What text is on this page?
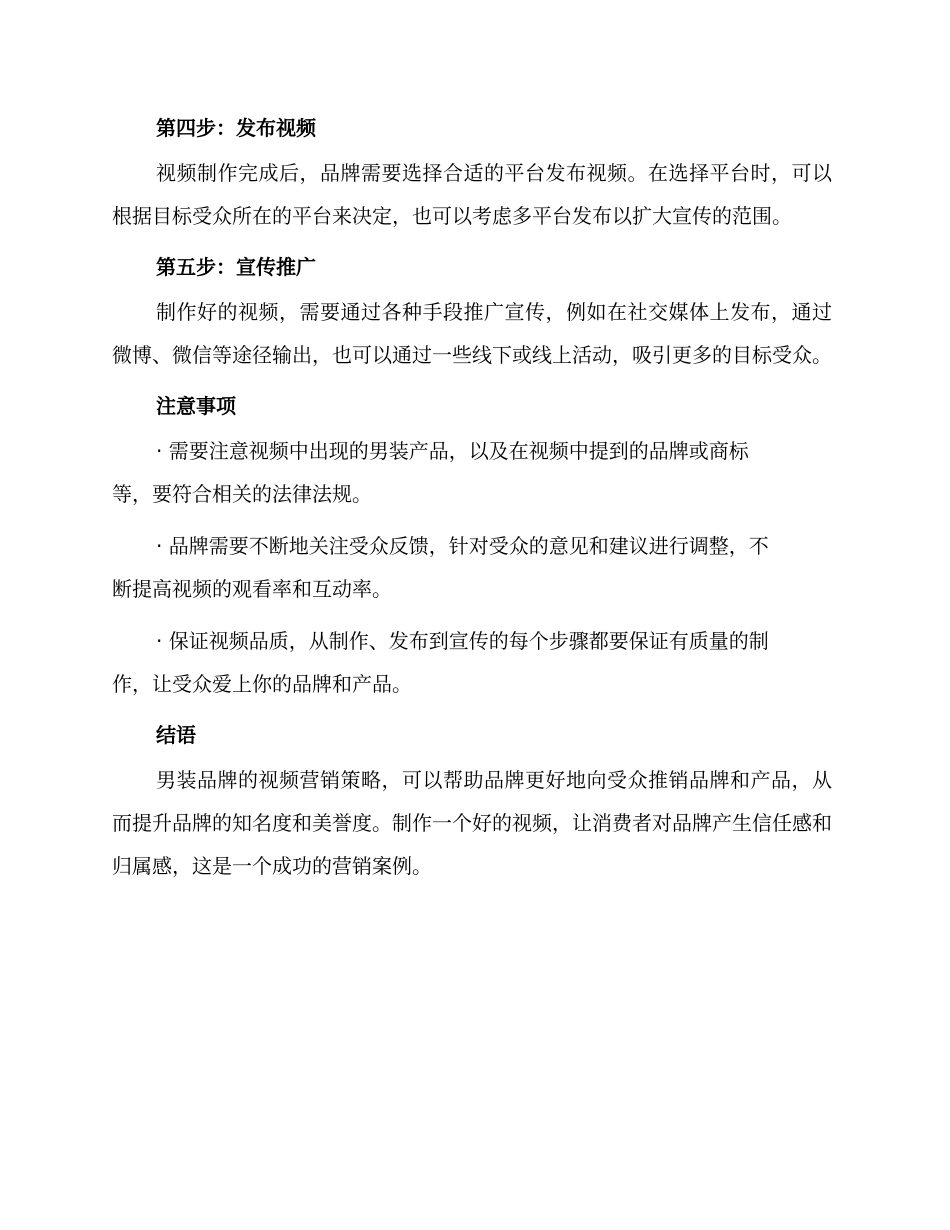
第四步：发布视频

视频制作完成后，品牌需要选择合适的平台发布视频。在选择平台时，可以根据目标受众所在的平台来决定，也可以考虑多平台发布以扩大宣传的范围。

第五步：宣传推广

制作好的视频，需要通过各种手段推广宣传，例如在社交媒体上发布，通过微博、微信等途径输出，也可以通过一些线下或线上活动，吸引更多的目标受众。

注意事项

· 需要注意视频中出现的男装产品，以及在视频中提到的品牌或商标
等，要符合相关的法律法规。

· 品牌需要不断地关注受众反馈，针对受众的意见和建议进行调整，不
断提高视频的观看率和互动率。

· 保证视频品质，从制作、发布到宣传的每个步骤都要保证有质量的制
作，让受众爱上你的品牌和产品。

结语

男装品牌的视频营销策略，可以帮助品牌更好地向受众推销品牌和产品，从而提升品牌的知名度和美誉度。制作一个好的视频，让消费者对品牌产生信任感和归属感，这是一个成功的营销案例。
